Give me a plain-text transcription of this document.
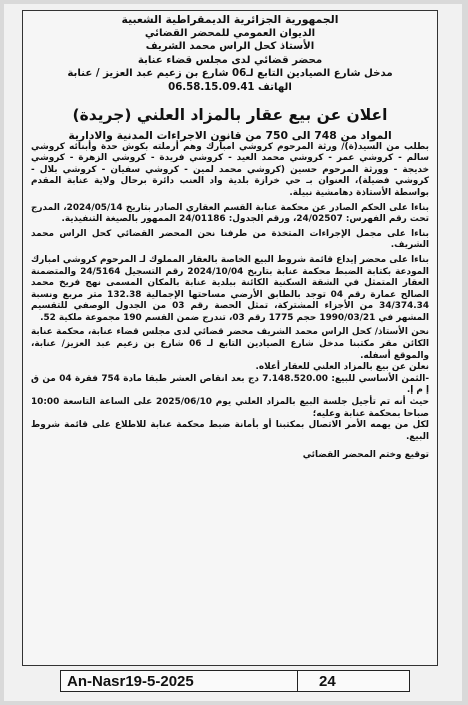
الجمهورية الجزائرية الديمقراطية الشعبية
الديوان العمومي للمحضر القضائي
الأستاذ كحل الراس محمد الشريف
محضر قضائي لدى مجلس قضاء عنابة
مدخل شارع الصيادين التابع لـ06 شارع بن زعيم عبد العزيز / عنابة
الهاتف 06.58.15.09.41
اعلان عن بيع عقار بالمزاد العلني (جريدة)
المواد من 748 الى 750 من قانون الاجراءات المدنية والادارية

بطلب من السيد(ة)/ ورثة المرحوم كروشي امبارك وهم أرملته بكوش حدة وأبنائه كروشي سالم - كروشي عمر - كروشي محمد العيد - كروشي فريدة - كروشي الزهرة - كروشي خديجة - وورثة المرحوم حسين (كروشي محمد لمين - كروشي سفيان - كروشي بلال - كروشي فضيلة)، العنوان بـ حي خرازة بلدية واد العنب دائرة برحال ولاية عنابة المقدم بواسطة الأستاذة دهامشية نبيلة.

بناءا على الحكم الصادر عن محكمة عنابة القسم العقاري الصادر بتاريخ 2024/05/14، المدرج تحت رقم الفهرس: 24/02507، ورقم الجدول: 24/01186 الممهور بالصيغة التنفيذية.

بناءا على مجمل الإجراءات المتخذة من طرفنا نحن المحضر القضائي كحل الراس محمد الشريف.

بناءا على محضر إيداع قائمة شروط البيع الخاصة بالعقار المملوك لـ المرحوم كروشي امبارك المودعة بكتابة الضبط محكمة عنابة بتاريخ 2024/10/04 رقم التسجيل 24/5164 والمتضمنة العقار المتمثل في الشقة السكنية الكائنة ببلدية عنابة بالمكان المسمى نهج فريخ محمد الصالح عمارة رقم 04 توجد بالطابق الأرضي مساحتها الإجمالية 132.38 متر مربع ونسبة 34/374.34 من الأجزاء المشتركة، تمثل الحصة رقم 03 من الجدول الوصفي للتقسيم المشهر في 1990/03/21 حجم 1775 رقم 03، تندرج ضمن القسم 190 مجموعة ملكية 52.

نحن الأستاذ/ كحل الراس محمد الشريف محضر قضائي لدى مجلس قضاء عنابة، محكمة عنابة الكائن مقر مكتبنا مدخل شارع الصيادين التابع لـ 06 شارع بن زعيم عبد العزيز/ عنابة، والموقع أسفله.

نعلن عن بيع بالمزاد العلني للعقار أعلاه.

-الثمن الأساسي للبيع: 7.148.520.00 دج بعد انقاص العشر طبقا مادة 754 فقرة 04 من ق إ م إ.

حيث أنه تم تأجيل جلسة البيع بالمزاد العلني يوم 2025/06/10 على الساعة التاسعة 10:00 صباحا بمحكمة عنابة وعليه؛

لكل من يهمه الأمر الاتصال بمكتبنا أو بأمانة ضبط محكمة عنابة للاطلاع على قائمة شروط البيع.

توقيع وختم المحضر القضائي
An-Nasr19-5-2025	24
